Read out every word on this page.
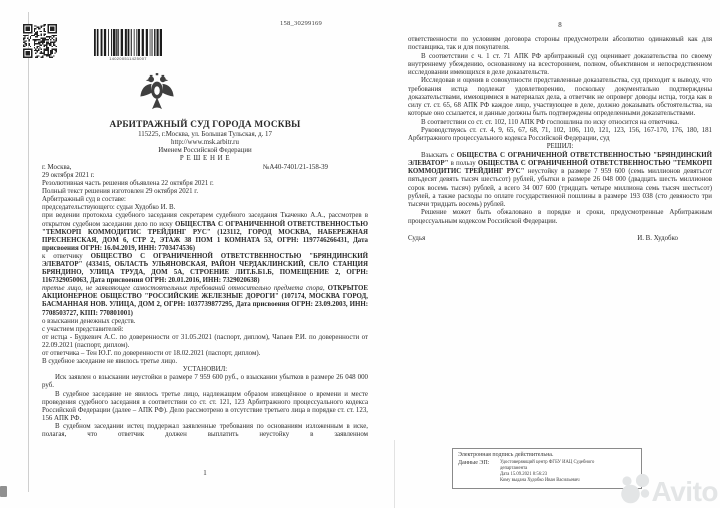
158_30299169
140200511425007
АРБИТРАЖНЫЙ СУД ГОРОДА МОСКВЫ
115225, г.Москва, ул. Большая Тульская, д. 17
http://www.msk.arbitr.ru
Именем Российской Федерации
Р Е Ш Е Н И Е
г. Москва,	№А40-7401/21-158-39
29 октября 2021 г.
Резолютивная часть решения объявлена 22 октября 2021 г.
Полный текст решения изготовлен 29 октября 2021 г.
Арбитражный суд в составе:
председательствующего: судьи Худобко И. В.

при ведении протокола судебного заседания секретарем судебного заседания Ткаченко А.А., рассмотрев в открытом судебном заседании дело по иску ОБЩЕСТВА С ОГРАНИЧЕННОЙ ОТВЕТСТВЕННОСТЬЮ "ТЕМКОРП КОММОДИТИС ТРЕЙДИНГ РУС" (123112, ГОРОД МОСКВА, НАБЕРЕЖНАЯ ПРЕСНЕНСКАЯ, ДОМ 6, СТР 2, ЭТАЖ 38 ПОМ 1 КОМНАТА 53, ОГРН: 1197746266431, Дата присвоения ОГРН: 16.04.2019, ИНН: 7703474536)

к ответчику ОБЩЕСТВО С ОГРАНИЧЕННОЙ ОТВЕТСТВЕННОСТЬЮ "БРЯНДИНСКИЙ ЭЛЕВАТОР" (433415, ОБЛАСТЬ УЛЬЯНОВСКАЯ, РАЙОН ЧЕРДАКЛИНСКИЙ, СЕЛО СТАНЦИЯ БРЯНДИНО, УЛИЦА ТРУДА, ДОМ 5А, СТРОЕНИЕ ЛИТ.Б.Б1.Б, ПОМЕЩЕНИЕ 2, ОГРН: 1167329050063, Дата присвоения ОГРН: 20.01.2016, ИНН: 7329020638)

третье лицо, не заявляющее самостоятельных требований относительно предмета спора, ОТКРЫТОЕ АКЦИОНЕРНОЕ ОБЩЕСТВО "РОССИЙСКИЕ ЖЕЛЕЗНЫЕ ДОРОГИ" (107174, МОСКВА ГОРОД, БАСМАННАЯ НОВ. УЛИЦА, ДОМ 2, ОГРН: 1037739877295, Дата присвоения ОГРН: 23.09.2003, ИНН: 7708503727, КПП: 770801001)

о взыскании денежных средств.
с участием представителей:

от истца - Будкевич А.С. по доверенности от 31.05.2021 (паспорт, диплом), Чапаев Р.И. по доверенности от 22.09.2021 (паспорт, диплом).

от ответчика – Тен Ю.Г. по доверенности от 18.02.2021 (паспорт, диплом).
В судебное заседание не явилось третье лицо.
УСТАНОВИЛ:

Иск заявлен о взыскании неустойки в размере 7 959 600 руб., о взыскании убытков в размере 26 048 000 руб.

В судебное заседание не явилось третье лицо, надлежащим образом извещённое о времени и месте проведения судебного заседания в соответствии со ст. ст. 121, 123 Арбитражного процессуального кодекса Российской Федерации (далее – АПК РФ). Дело рассмотрено в отсутствие третьего лица в порядке ст. ст. 123, 156 АПК РФ.

В судебном заседании истец поддержал заявленные требования по основаниям изложенным в иске, полагая, что ответчик должен выплатить неустойку в заявленном

1
8

ответственности по условиям договора стороны предусмотрели абсолютно одинаковый как для поставщика, так и для покупателя.

В соответствии с ч. 1 ст. 71 АПК РФ арбитражный суд оценивает доказательства по своему внутреннему убеждению, основанному на всестороннем, полном, объективном и непосредственном исследовании имеющихся в деле доказательств.

Исследовав и оценив в совокупности представленные доказательства, суд приходит к выводу, что требования истца подлежат удовлетворению, поскольку документально подтверждены доказательствами, имеющимися в материалах дела, а ответчик не опроверг доводы истца, тогда как в силу ст. ст. 65, 68 АПК РФ каждое лицо, участвующее в деле, должно доказывать обстоятельства, на которые оно ссылается, и данные должны быть подтверждены определенными доказательствами.

В соответствии со ст. ст. 102, 110 АПК РФ госпошлина по иску относится на ответчика.

Руководствуясь ст. ст. 4, 9, 65, 67, 68, 71, 102, 106, 110, 121, 123, 156, 167-170, 176, 180, 181 Арбитражного процессуального кодекса Российской Федерации, суд

РЕШИЛ:

Взыскать с ОБЩЕСТВА С ОГРАНИЧЕННОЙ ОТВЕТСТВЕННОСТЬЮ "БРЯНДИНСКИЙ ЭЛЕВАТОР" в пользу ОБЩЕСТВА С ОГРАНИЧЕННОЙ ОТВЕТСТВЕННОСТЬЮ "ТЕМКОРП КОММОДИТИС ТРЕЙДИНГ РУС" неустойку в размере 7 959 600 (семь миллионов девятьсот пятьдесят девять тысяч шестьсот) рублей, убытки в размере 26 048 000 (двадцать шесть миллионов сорок восемь тысяч) рублей, а всего 34 007 600 (тридцать четыре миллиона семь тысяч шестьсот) рублей, а также расходы по оплате государственной пошлины в размере 193 038 (сто девяносто три тысячи тридцать восемь) рублей.

Решение может быть обжаловано в порядке и сроки, предусмотренные Арбитражным процессуальным кодексом Российской Федерации.

Судья	И. В. Худобко
Электронная подпись действительна.
Данные ЭП:	Удостоверяющий центр ФГБУ ИАЦ Судебного
департамента
Дата 15.09.2021 8:56:23
Кому выдана Худобко Иван Васильевич	Avito
